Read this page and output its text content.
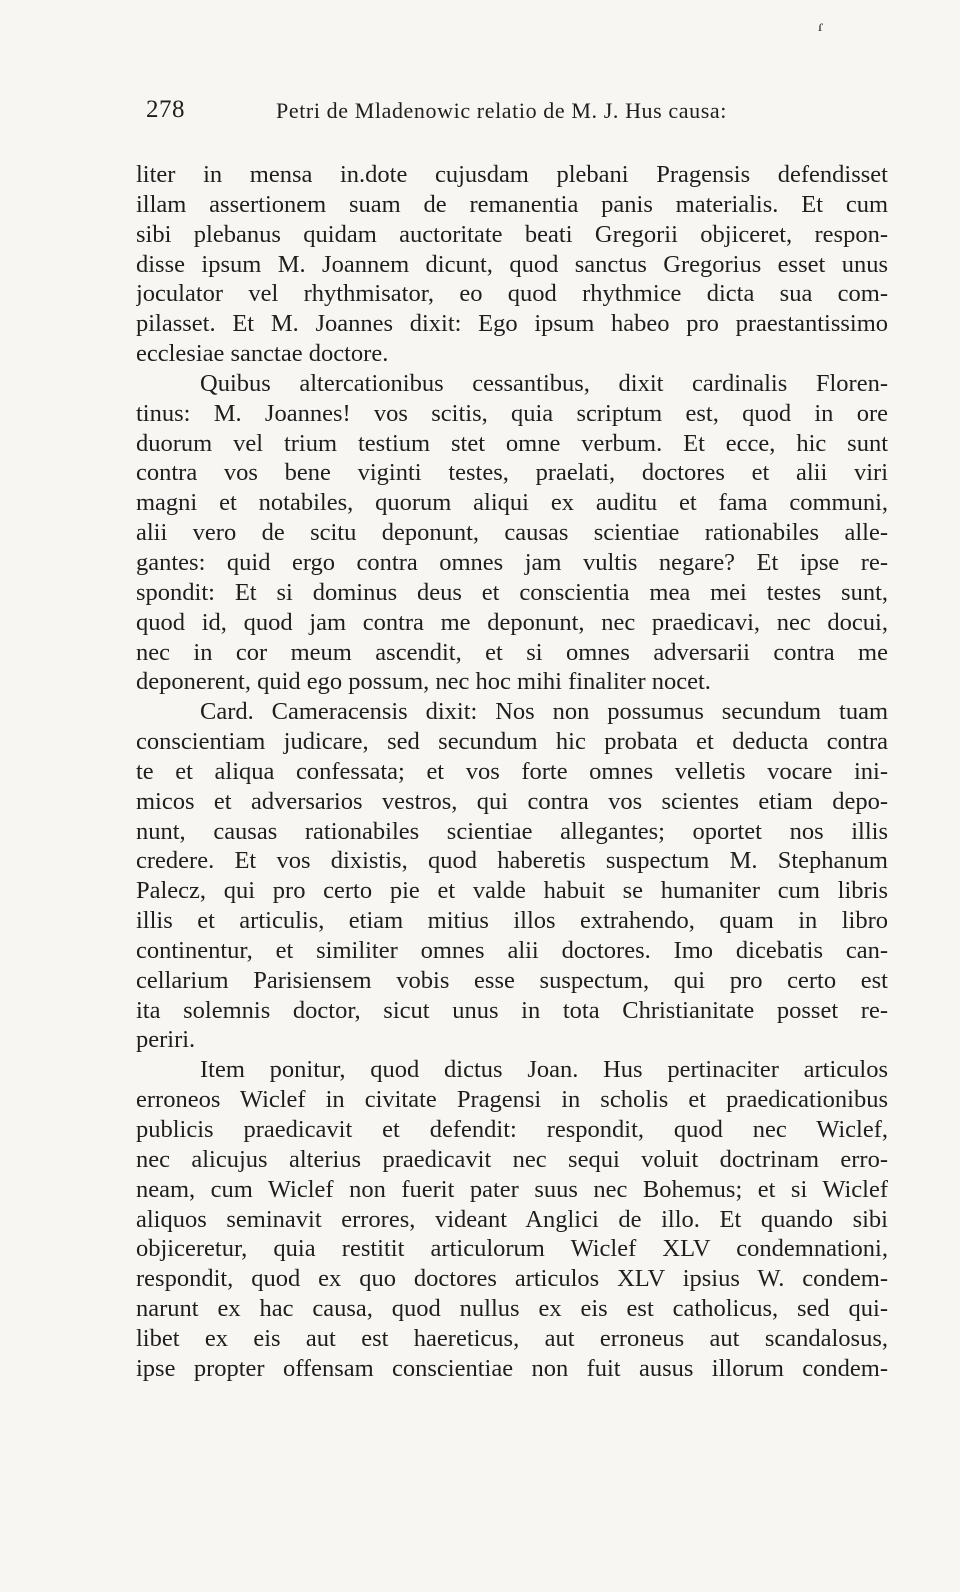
ɾ
278	Petri de Mladenowic relatio de M. J. Hus causa:
liter in mensa in.dote cujusdam plebani Pragensis defendisset
illam assertionem suam de remanentia panis materialis. Et cum
sibi plebanus quidam auctoritate beati Gregorii objiceret, respon-
disse ipsum M. Joannem dicunt, quod sanctus Gregorius esset unus
joculator vel rhythmisator, eo quod rhythmice dicta sua com-
pilasset. Et M. Joannes dixit: Ego ipsum habeo pro praestantissimo
ecclesiae sanctae doctore.
Quibus altercationibus cessantibus, dixit cardinalis Floren-
tinus: M. Joannes! vos scitis, quia scriptum est, quod in ore
duorum vel trium testium stet omne verbum. Et ecce, hic sunt
contra vos bene viginti testes, praelati, doctores et alii viri
magni et notabiles, quorum aliqui ex auditu et fama communi,
alii vero de scitu deponunt, causas scientiae rationabiles alle-
gantes: quid ergo contra omnes jam vultis negare? Et ipse re-
spondit: Et si dominus deus et conscientia mea mei testes sunt,
quod id, quod jam contra me deponunt, nec praedicavi, nec docui,
nec in cor meum ascendit, et si omnes adversarii contra me
deponerent, quid ego possum, nec hoc mihi finaliter nocet.
Card. Cameracensis dixit: Nos non possumus secundum tuam
conscientiam judicare, sed secundum hic probata et deducta contra
te et aliqua confessata; et vos forte omnes velletis vocare ini-
micos et adversarios vestros, qui contra vos scientes etiam depo-
nunt, causas rationabiles scientiae allegantes; oportet nos illis
credere. Et vos dixistis, quod haberetis suspectum M. Stephanum
Palecz, qui pro certo pie et valde habuit se humaniter cum libris
illis et articulis, etiam mitius illos extrahendo, quam in libro
continentur, et similiter omnes alii doctores. Imo dicebatis can-
cellarium Parisiensem vobis esse suspectum, qui pro certo est
ita solemnis doctor, sicut unus in tota Christianitate posset re-
periri.
Item ponitur, quod dictus Joan. Hus pertinaciter articulos
erroneos Wiclef in civitate Pragensi in scholis et praedicationibus
publicis praedicavit et defendit: respondit, quod nec Wiclef,
nec alicujus alterius praedicavit nec sequi voluit doctrinam erro-
neam, cum Wiclef non fuerit pater suus nec Bohemus; et si Wiclef
aliquos seminavit errores, videant Anglici de illo. Et quando sibi
objiceretur, quia restitit articulorum Wiclef XLV condemnationi,
respondit, quod ex quo doctores articulos XLV ipsius W. condem-
narunt ex hac causa, quod nullus ex eis est catholicus, sed qui-
libet ex eis aut est haereticus, aut erroneus aut scandalosus,
ipse propter offensam conscientiae non fuit ausus illorum condem-
